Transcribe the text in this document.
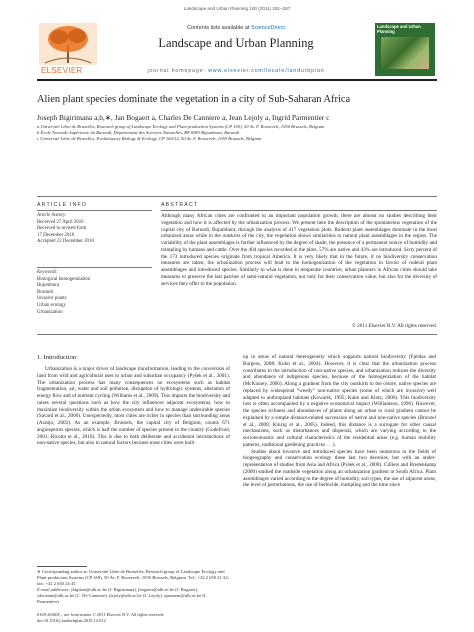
Landscape and Urban Planning 100 (2011) 251–267
ELSEVIER
Contents lists available at ScienceDirect
Landscape and Urban Planning
journal homepage: www.elsevier.com/locate/landurbplan
Landscape and Urban Planning
Alien plant species dominate the vegetation in a city of Sub-Saharan Africa
Joseph Bigirimana a,b,∗, Jan Bogaert a, Charles De Canniere a, Jean Lejoly a, Ingrid Parmentier c
a Université Libre de Bruxelles, Research group of Landscape Ecology and Plant production Systems (CP 169), 50 Av. F. Roosevelt, 1050 Brussels, Belgium
b École Normale Supérieure du Burundi, Département des Sciences Naturelles, BP 6983 Bujumbura, Burundi
c Université Libre de Bruxelles, Evolutionary Biology & Ecology, CP 160/12, 50 Av. F. Roosevelt, 1050 Brussels, Belgium
ARTICLE INFO	ABSTRACT
Article history:
Received 27 April 2010
Received in revised form
17 December 2010
Accepted 23 December 2010
Keywords:
Biological homogenization
Bujumbura
Burundi
Invasive plants
Urban ecology
Urbanization

Although many African cities are confronted to an important population growth, there are almost no studies describing their vegetation and how it is affected by the urbanization process. We present here the description of the spontaneous vegetation of the capital city of Burundi, Bujumbura, through the analysis of 417 vegetation plots. Ruderal plant assemblages dominate in the most urbanized areas while in the outskirts of the city, the vegetation shows similarities to natural plant assemblages in the region. The variability of the plant assemblages is further influenced by the degree of shade, the presence of a permanent source of humidity and trampling by humans and cattle. Over the 404 species recorded in the plots, 57% are native and 43% are introduced. Sixty percent of the 173 introduced species originate from tropical America. It is very likely that in the future, if no biodiversity conservation measures are taken, the urbanization process will lead to the homogenization of the vegetation in favour of ruderal plant assemblages and introduced species. Similarly to what is done in temperate countries, urban planners in African cities should take measures to preserve the last patches of semi-natural vegetation, not only for their conservation value, but also for the diversity of services they offer to the population.

© 2011 Elsevier B.V. All rights reserved.
1. Introduction

Urbanization is a major driver of landscape transformation, leading to the conversion of land from wild and agricultural uses to urban and suburban occupancy (Pyšek et al., 2001). The urbanization process has many consequences on ecosystems such as habitat fragmentation, air, water and soil pollution, disruption of hydrologic systems, alteration of energy flow and of nutrient cycling (Williams et al., 2009). This impacts the biodiversity and raises several questions such as how the city influences adjacent ecosystems, how to maximize biodiversity within the urban ecosystem and how to manage undesirable species (Savard et al., 2000). Unexpectedly, most cities are richer in species than surrounding areas (Araújo, 2003). As an example, Brussels, the capital city of Belgium, counts 671 angiosperms species, which is half the number of species present in the country (Godefroid, 2001; Ricotta et al., 2010). This is due to both deliberate and accidental introductions of non-native species, but also to natural factors because most cities were built

up in areas of natural heterogeneity which supports natural biodiversity (Fjeldsa and Burgess, 2008; Kuhn et al., 2004). However, it is clear that the urbanization process contributes to the introduction of non-native species, and urbanization reduces the diversity and abundance of indigenous species, because of the homogenization of the habitat (McKinney, 2006). Along a gradient from the city outskirts to the centre, native species are replaced by widespread “weedy” non-native species (some of which are invasive) well adapted to anthropized habitats (Kowarik, 1995; Kuhn and Klotz, 2006). This biodiversity loss is often accompanied by a negative economical impact (Williamson, 1996). However, the species richness and abundances of plants along an urban to rural gradient cannot be explained by a simple distance-related succession of native and non-native species (Brunzel et al., 2009; Kinzig et al., 2005). Indeed, this distance is a surrogate for other causal mechanisms, such as disturbances and dispersal, which are varying according to the socioeconomic and cultural characteristics of the residential areas (e.g. human mobility patterns, traditional gardening practices . . .).

Studies about invasive and introduced species have been numerous in the fields of biogeography and conservation ecology these last two decenies, but with an under-representation of studies from Asia and Africa (Pyšek et al., 2008). Cilliers and Bredenkamp (2000) studied the roadside vegetation along an urbanization gradient in South Africa. Plant assemblages varied according to the degree of humidity, soil types, the use of adjacent areas, the level of perturbations, the use of herbicide, trampling and the time since

∗ Corresponding author at: Université Libre de Bruxelles, Research group of Landscape Ecology and Plant production Systems (CP 169), 50 Av. F. Roosevelt, 1050 Brussels, Belgium. Tel.: +32 2 650 21 32; fax: +32 2 650 24 45.
E-mail addresses: jbigirim@ulb.ac.be (J. Bigirimana), jbogaert@ulb.ac.be (J. Bogaert), cdecanni@ulb.ac.be (C. De Canniere), jlejoly@ulb.ac.be (J. Lejoly), iparment@ulb.ac.be (I. Parmentier).
0169-2046/$ – see front matter © 2011 Elsevier B.V. All rights reserved.
doi:10.1016/j.landurbplan.2010.12.012
